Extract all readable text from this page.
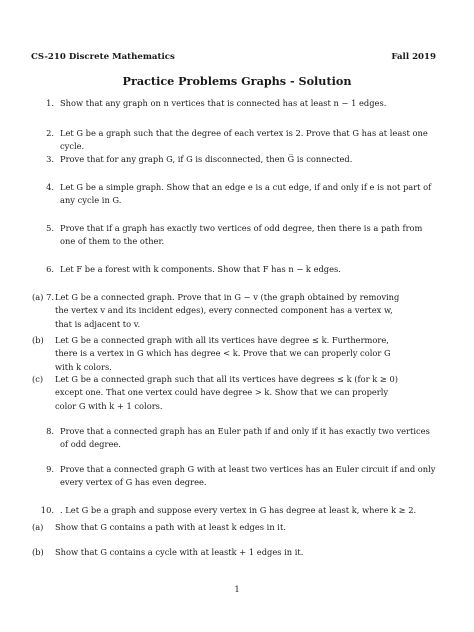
CS-210 Discrete Mathematics	Fall 2019
Practice Problems Graphs - Solution
1. Show that any graph on n vertices that is connected has at least n − 1 edges.
2. Let G be a graph such that the degree of each vertex is 2. Prove that G has at least one cycle.
3. Prove that for any graph G, if G is disconnected, then G̅ is connected.
4. Let G be a simple graph. Show that an edge e is a cut edge, if and only if e is not part of any cycle in G.
5. Prove that if a graph has exactly two vertices of odd degree, then there is a path from one of them to the other.
6. Let F be a forest with k components. Show that F has n − k edges.
7.
(a) Let G be a connected graph. Prove that in G − v (the graph obtained by removing the vertex v and its incident edges), every connected component has a vertex w, that is adjacent to v.
(b) Let G be a connected graph with all its vertices have degree ≤ k. Furthermore, there is a vertex in G which has degree < k. Prove that we can properly color G with k colors.
(c) Let G be a connected graph such that all its vertices have degrees ≤ k (for k ≥ 0) except one. That one vertex could have degree > k. Show that we can properly color G with k + 1 colors.
8. Prove that a connected graph has an Euler path if and only if it has exactly two vertices of odd degree.
9. Prove that a connected graph G with at least two vertices has an Euler circuit if and only every vertex of G has even degree.
10. . Let G be a graph and suppose every vertex in G has degree at least k, where k ≥ 2.
(a) Show that G contains a path with at least k edges in it.
(b) Show that G contains a cycle with at leastk + 1 edges in it.
1
